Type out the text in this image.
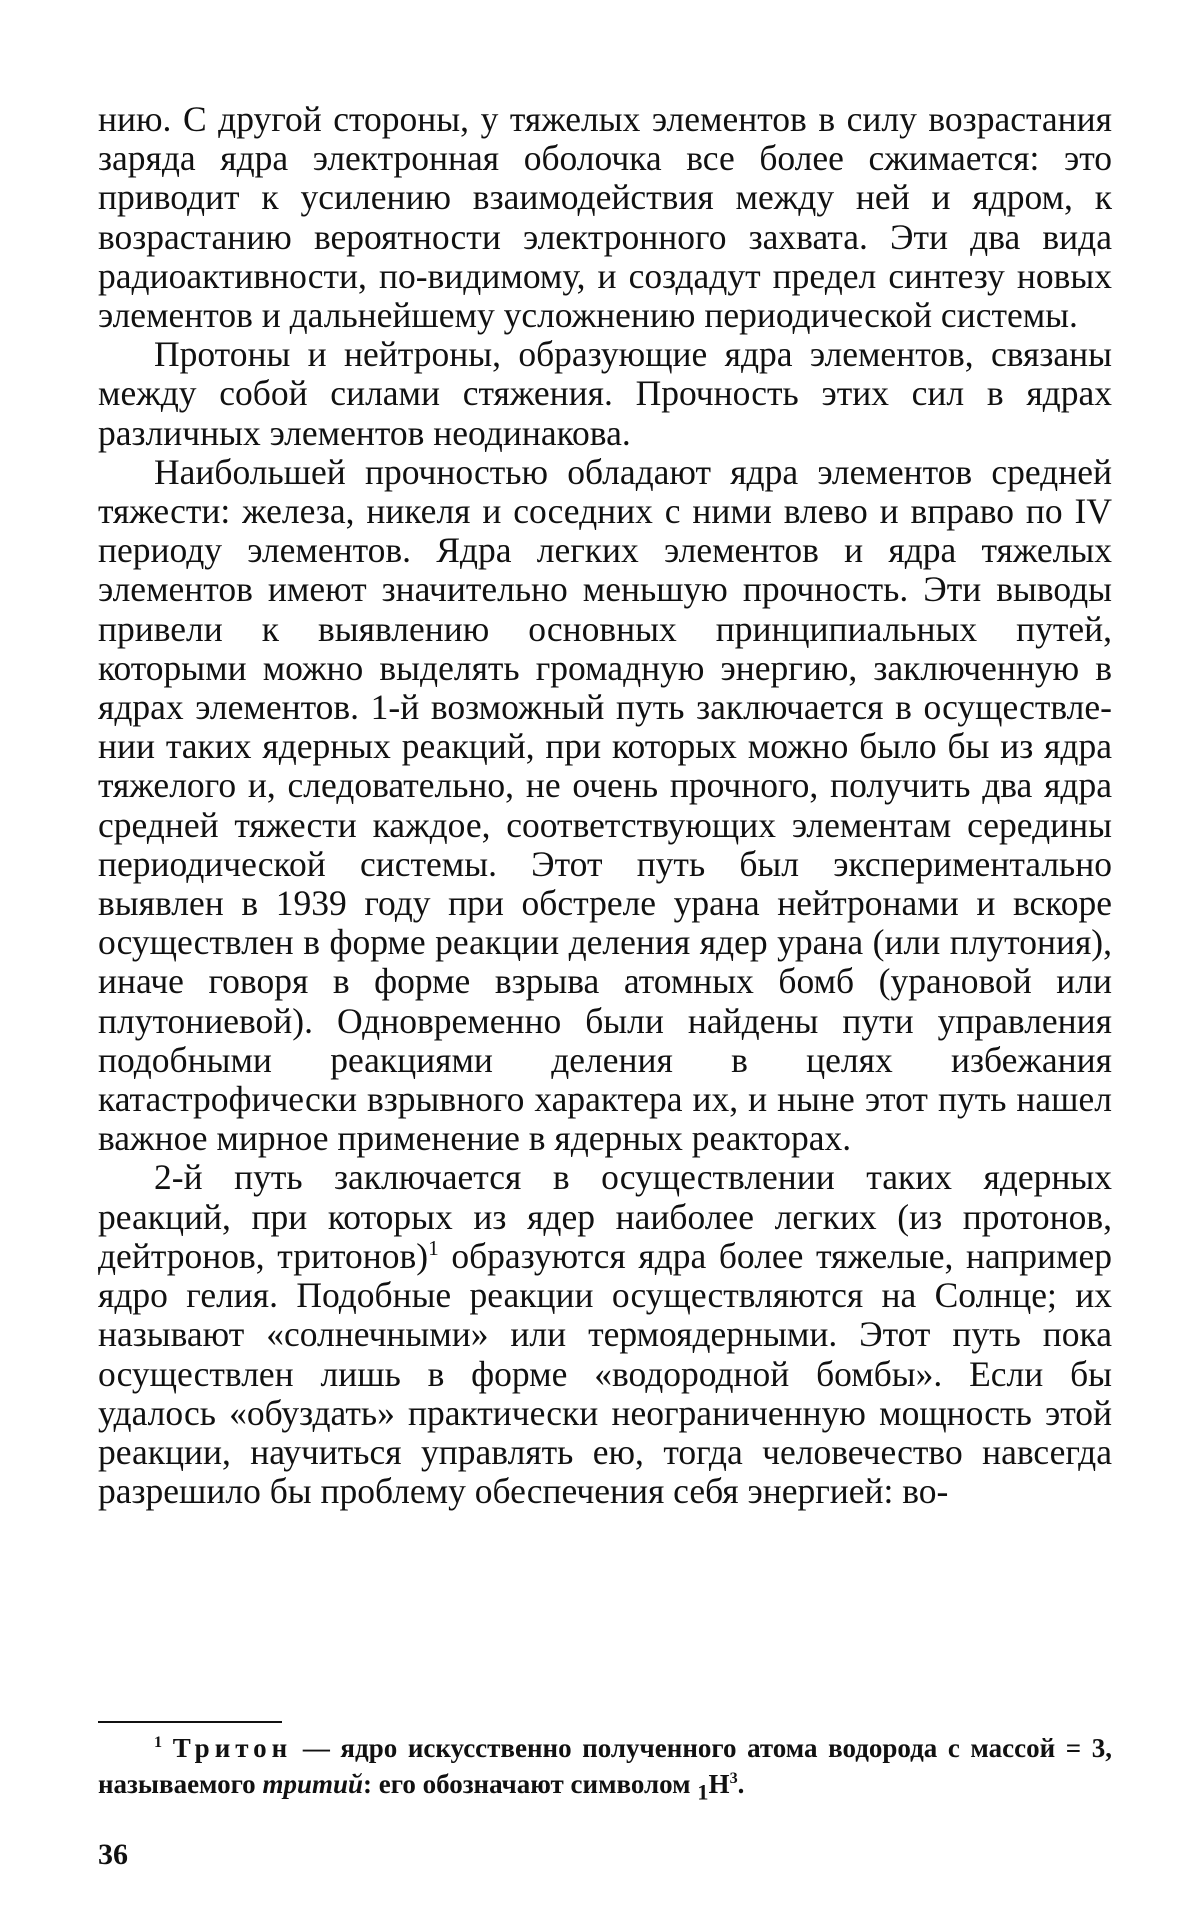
нию. С другой стороны, у тяжелых элементов в силу возрастания заряда ядра электронная оболочка все более сжимается: это приводит к усилению взаимодействия между ней и ядром, к возрастанию вероятности электронного захвата. Эти два вида радиоактивности, по-видимому, и создадут предел синтезу новых элементов и дальнейшему усложнению периодической системы.

Протоны и нейтроны, образующие ядра элементов, связаны между собой силами стяжения. Прочность этих сил в ядрах различных элементов неодинакова.

Наибольшей прочностью обладают ядра элементов средней тяжести: железа, никеля и соседних с ними влево и вправо по IV периоду элементов. Ядра легких элементов и ядра тяжелых элементов имеют значительно меньшую прочность. Эти выводы привели к выявлению основных принципиальных путей, которыми можно выделять громадную энергию, заключенную в ядрах элементов. 1-й возможный путь заключается в осуществлении таких ядерных реакций, при которых можно было бы из ядра тяжелого и, следовательно, не очень прочного, получить два ядра средней тяжести каждое, соответствующих элементам середины периодической системы. Этот путь был экспериментально выявлен в 1939 году при обстреле урана нейтронами и вскоре осуществлен в форме реакции деления ядер урана (или плутония), иначе говоря в форме взрыва атомных бомб (урановой или плутониевой). Одновременно были найдены пути управления подобными реакциями деления в целях избежания катастрофически взрывного характера их, и ныне этот путь нашел важное мирное применение в ядерных реакторах.

2-й путь заключается в осуществлении таких ядерных реакций, при которых из ядер наиболее легких (из протонов, дейтронов, тритонов)$^1$ образуются ядра более тяжелые, например ядро гелия. Подобные реакции осуществляются на Солнце; их называют «солнечными» или термоядерными. Этот путь пока осуществлен лишь в форме «водородной бомбы». Если бы удалось «обуздать» практически неограниченную мощность этой реакции, научиться управлять ею, тогда человечество навсегда разрешило бы проблему обеспечения себя энергией: во-

$^1$ Тритон — ядро искусственно полученного атома водорода с массой = 3, называемого тритий: его обозначают символом $_1H^3$.

36
